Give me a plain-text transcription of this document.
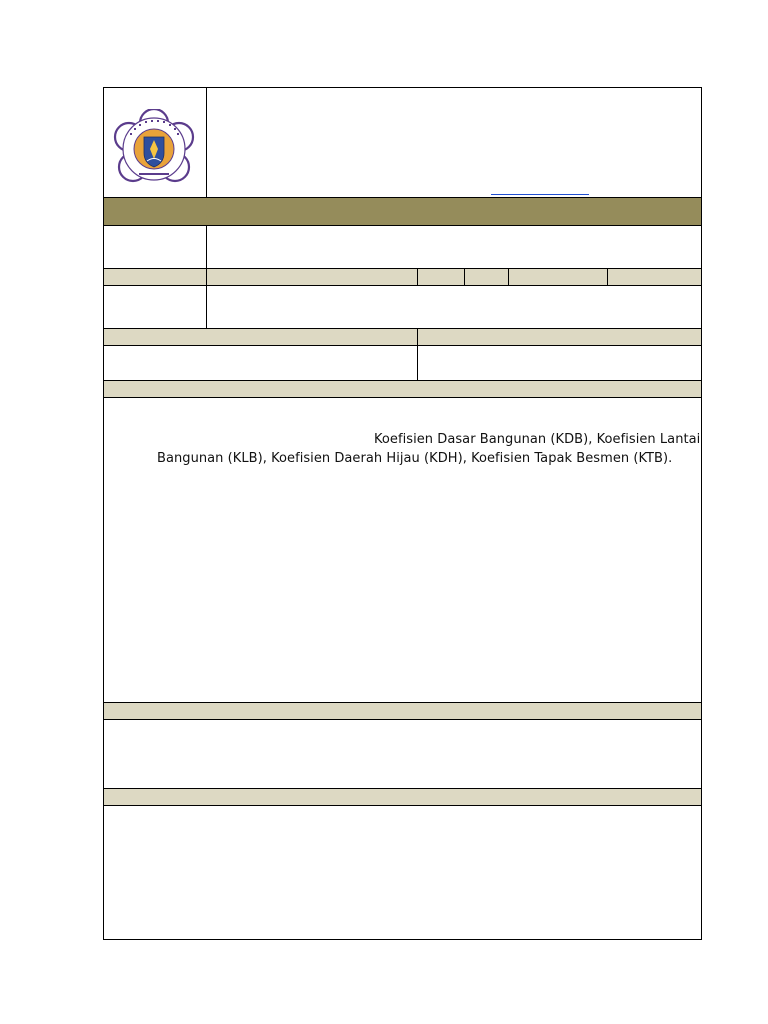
Koefisien Dasar Bangunan (KDB), Koefisien Lantai
Bangunan (KLB), Koefisien Daerah Hijau (KDH), Koefisien Tapak Besmen (KTB).
